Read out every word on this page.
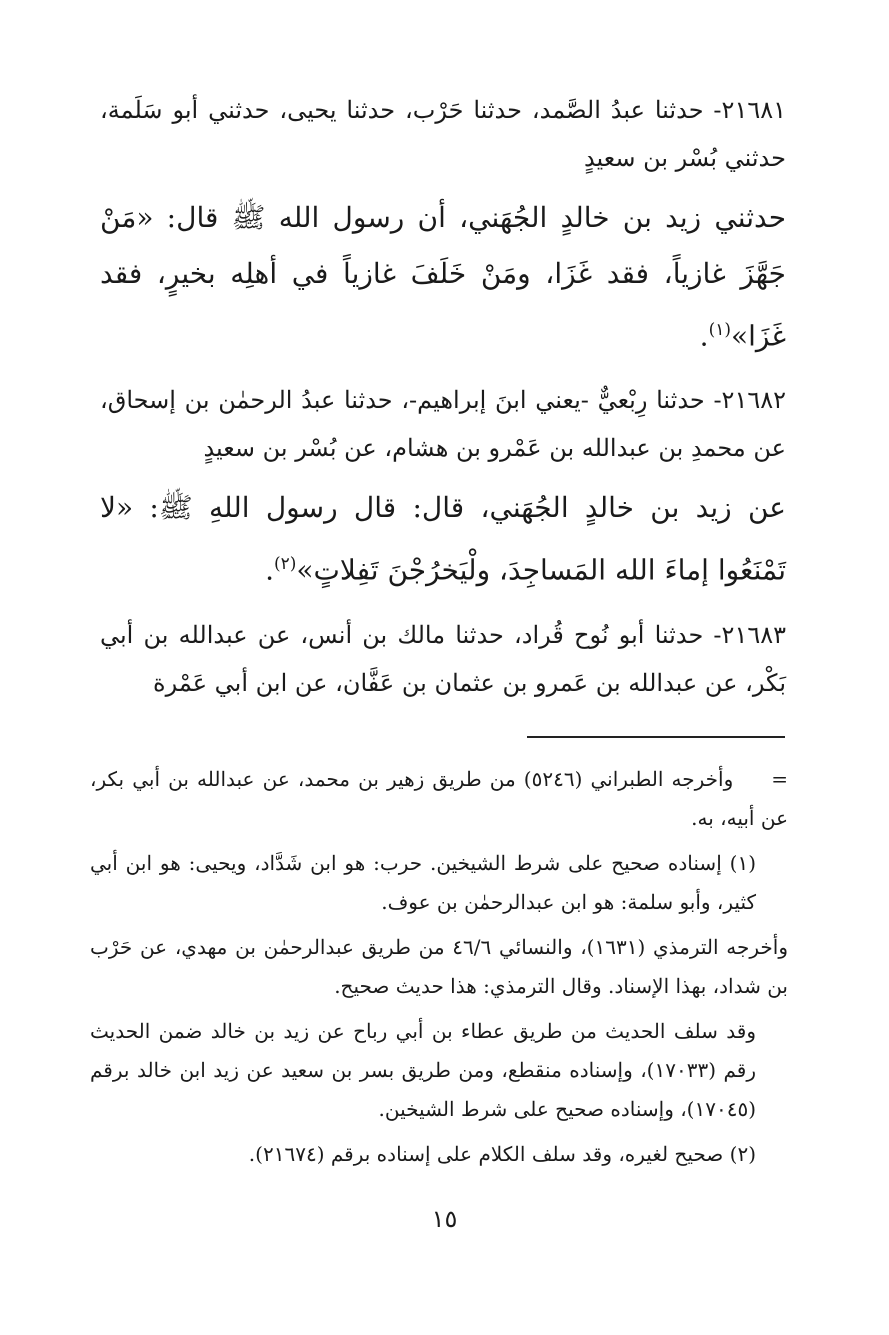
٢١٦٨١- حدثنا عبدُ الصَّمد، حدثنا حَرْب، حدثنا يحيى، حدثني أبو سَلَمة، حدثني بُسْر بن سعيدٍ

حدثني زيد بن خالدٍ الجُهَني، أن رسول الله ﷺ قال: «مَنْ جَهَّزَ غازياً، فقد غَزَا، ومَنْ خَلَفَ غازياً في أهلِه بخيرٍ، فقد غَزَا»$^{(١)}$.

٢١٦٨٢- حدثنا رِبْعيٌّ -يعني ابنَ إبراهيم-، حدثنا عبدُ الرحمٰن بن إسحاق، عن محمدِ بن عبدالله بن عَمْرو بن هشام، عن بُسْر بن سعيدٍ

عن زيد بن خالدٍ الجُهَني، قال: قال رسول اللهِ ﷺ: «لا تَمْنَعُوا إماءَ الله المَساجِدَ، ولْيَخرُجْنَ تَفِلاتٍ»$^{(٢)}$.

٢١٦٨٣- حدثنا أبو نُوح قُراد، حدثنا مالك بن أنس، عن عبدالله بن أبي بَكْر، عن عبدالله بن عَمرو بن عثمان بن عَفَّان، عن ابن أبي عَمْرة

=وأخرجه الطبراني (٥٢٤٦) من طريق زهير بن محمد، عن عبدالله بن أبي بكر، عن أبيه، به.

(١) إسناده صحيح على شرط الشيخين. حرب: هو ابن شَدَّاد، ويحيى: هو ابن أبي كثير، وأبو سلمة: هو ابن عبدالرحمٰن بن عوف.

وأخرجه الترمذي (١٦٣١)، والنسائي ٤٦/٦ من طريق عبدالرحمٰن بن مهدي، عن حَرْب بن شداد، بهذا الإسناد. وقال الترمذي: هذا حديث صحيح.

وقد سلف الحديث من طريق عطاء بن أبي رباح عن زيد بن خالد ضمن الحديث رقم (١٧٠٣٣)، وإسناده منقطع، ومن طريق بسر بن سعيد عن زيد ابن خالد برقم (١٧٠٤٥)، وإسناده صحيح على شرط الشيخين.

(٢) صحيح لغيره، وقد سلف الكلام على إسناده برقم (٢١٦٧٤).

١٥
